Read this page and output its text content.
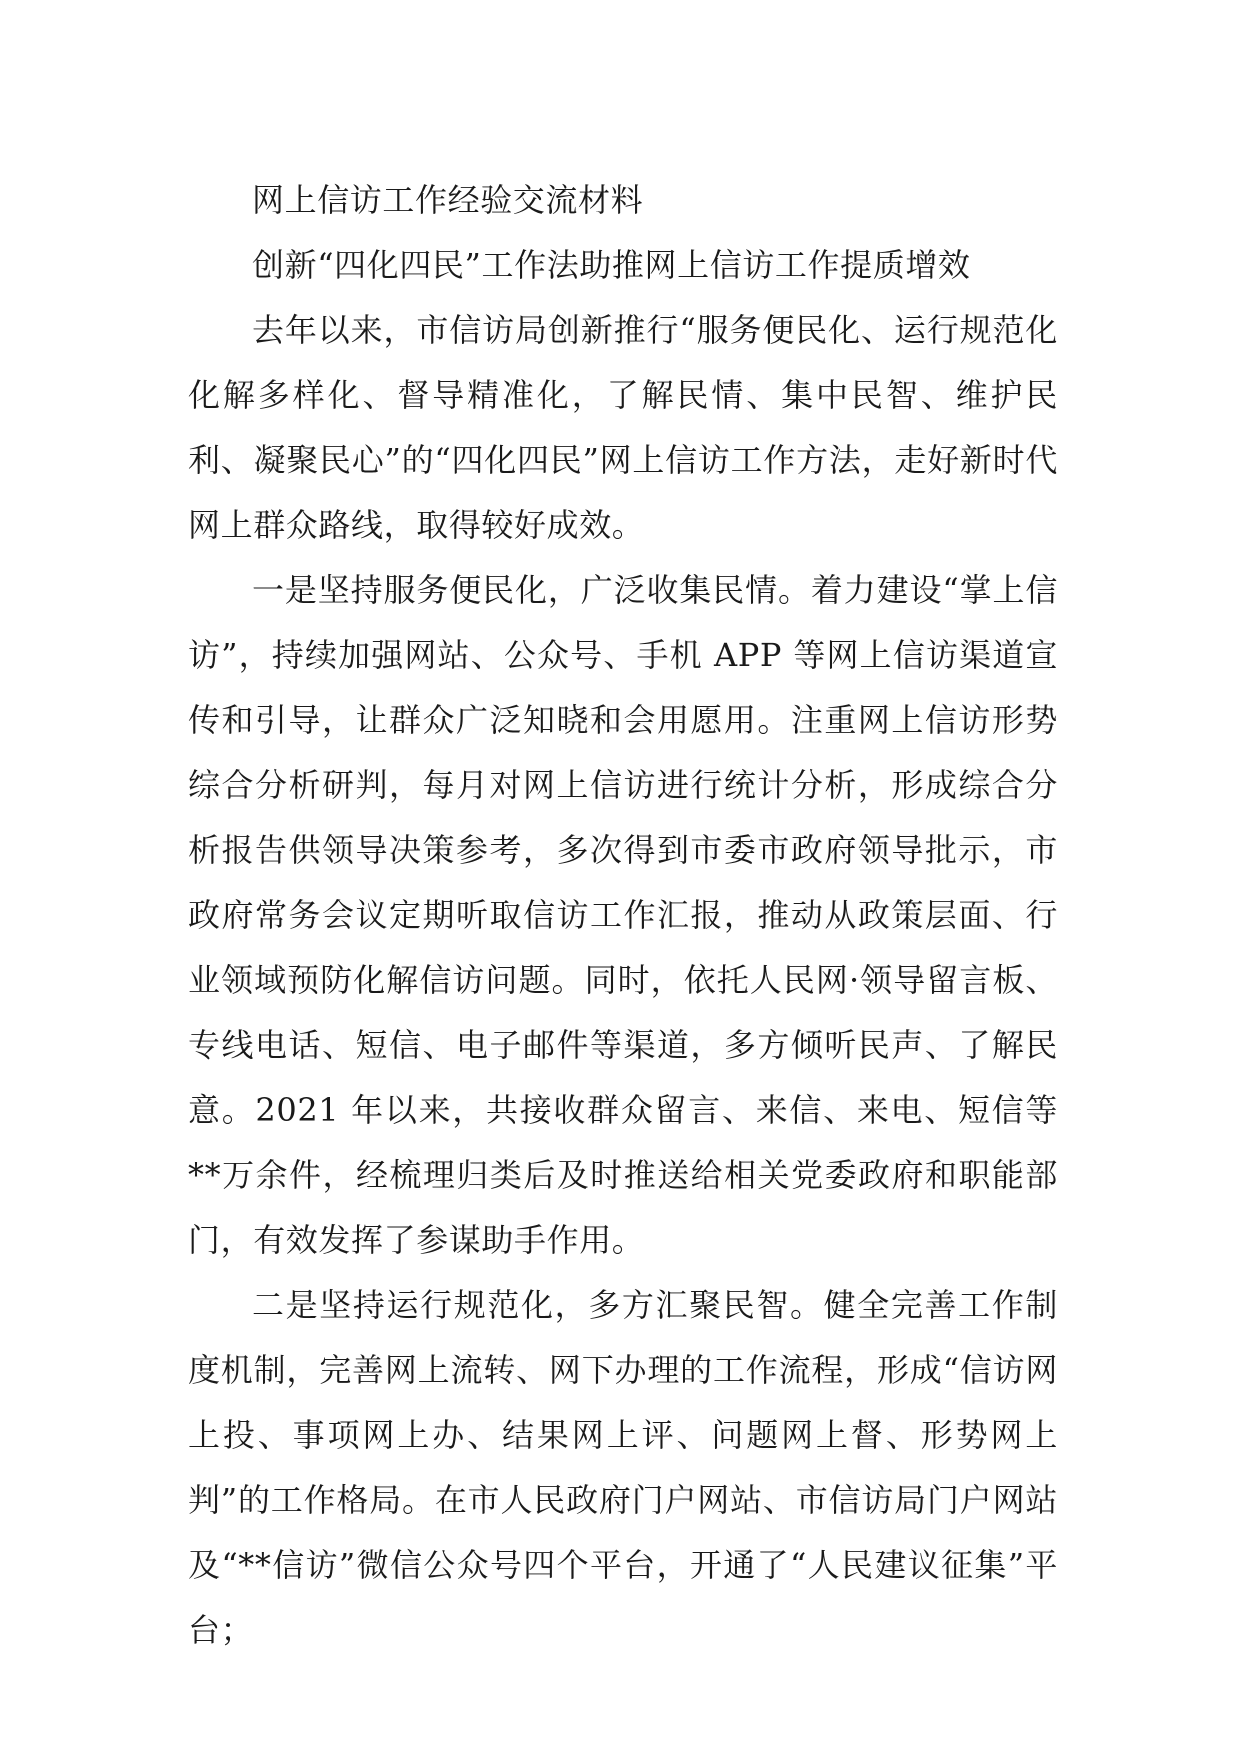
网上信访工作经验交流材料

创新“四化四民”工作法助推网上信访工作提质增效

去年以来，市信访局创新推行“服务便民化、运行规范化化解多样化、督导精准化，了解民情、集中民智、维护民利、凝聚民心”的“四化四民”网上信访工作方法，走好新时代网上群众路线，取得较好成效。

一是坚持服务便民化，广泛收集民情。着力建设“掌上信访”，持续加强网站、公众号、手机 APP 等网上信访渠道宣传和引导，让群众广泛知晓和会用愿用。注重网上信访形势综合分析研判，每月对网上信访进行统计分析，形成综合分析报告供领导决策参考，多次得到市委市政府领导批示，市政府常务会议定期听取信访工作汇报，推动从政策层面、行业领域预防化解信访问题。同时，依托人民网·领导留言板、专线电话、短信、电子邮件等渠道，多方倾听民声、了解民意。2021 年以来，共接收群众留言、来信、来电、短信等**万余件，经梳理归类后及时推送给相关党委政府和职能部门，有效发挥了参谋助手作用。

二是坚持运行规范化，多方汇聚民智。健全完善工作制度机制，完善网上流转、网下办理的工作流程，形成“信访网上投、事项网上办、结果网上评、问题网上督、形势网上判”的工作格局。在市人民政府门户网站、市信访局门户网站及“**信访”微信公众号四个平台，开通了“人民建议征集”平台；
